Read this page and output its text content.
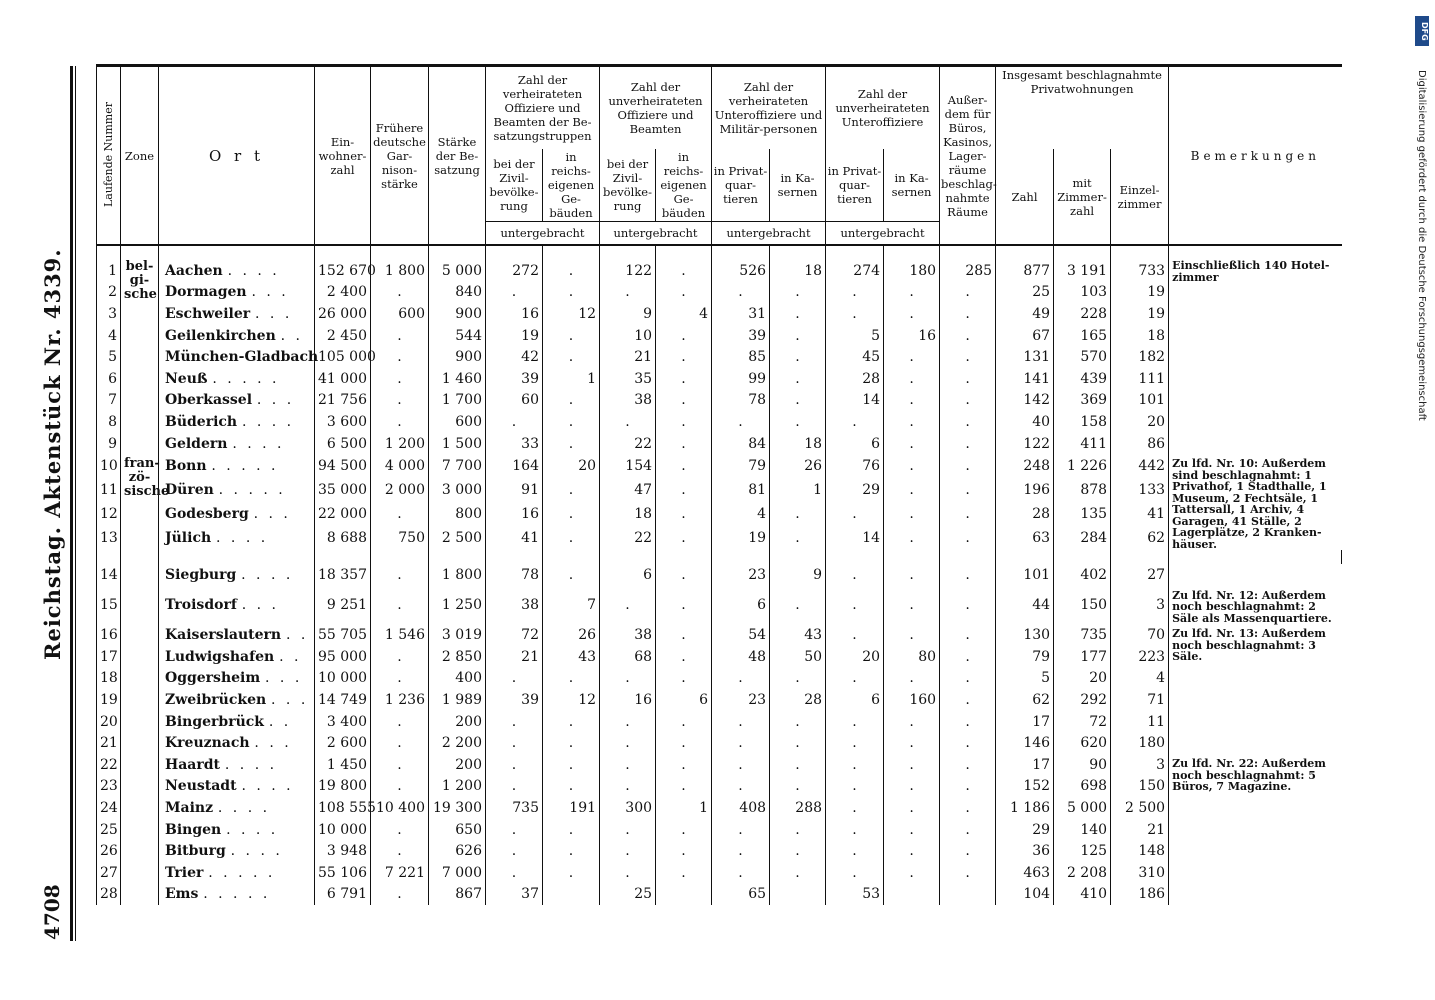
Reichstag. Aktenstück Nr. 4339.
4708
DFG
Digitalisierung gefördert durch die Deutsche Forschungsgemeinschaft
Laufende Nummer	Zone	O r t	Ein-wohner-zahl	Frühere deutsche Gar-nison-stärke	Stärke der Be-satzung	Zahl der verheirateten Offiziere und Beamten der Be-satzungstruppen		Zahl der unverheirateten Offiziere und Beamten		Zahl der verheirateten Unteroffiziere und Militär-personen		Zahl der unverheirateten Unteroffiziere		Außer-dem für Büros, Kasinos, Lager-räume beschlag-nahmte Räume	Insgesamt beschlagnahmte Privatwohnungen			Bemerkungen	
						bei der Zivil-bevölke-rung	in reichs-eigenen Ge-bäuden	bei der Zivil-bevölke-rung	in reichs-eigenen Ge-bäuden	in Privat-quar-tieren	in Ka-sernen	in Privat-quar-tieren	in Ka-sernen		Zahl	mit Zimmer-zahl	Einzel-zimmer		
						untergebracht		untergebracht		untergebracht		untergebracht							
1	bel- gi- sche	Aachen . . . .	152 670	1 800	5 000	272	.	122	.	526	18	274	180	285	877	3 191	733	Einschließlich 140 Hotel-zimmer	
2		Dormagen . . .	2 400	.	840	.	.	.	.	.	.	.	.	.	25	103	19		
3		Eschweiler . . .	26 000	600	900	16	12	9	4	31	.	.	.	.	49	228	19		
4		Geilenkirchen . .	2 450	.	544	19	.	10	.	39	.	5	16	.	67	165	18		
5		München-Gladbach	105 000	.	900	42	.	21	.	85	.	45	.	.	131	570	182		
6		Neuß . . . . .	41 000	.	1 460	39	1	35	.	99	.	28	.	.	141	439	111		
7		Oberkassel . . .	21 756	.	1 700	60	.	38	.	78	.	14	.	.	142	369	101		
8		Büderich . . . .	3 600	.	600	.	.	.	.	.	.	.	.	.	40	158	20		
9		Geldern . . . .	6 500	1 200	1 500	33	.	22	.	84	18	6	.	.	122	411	86		
10	fran- zö- sische	Bonn . . . . .	94 500	4 000	7 700	164	20	154	.	79	26	76	.	.	248	1 226	442	Zu lfd. Nr. 10: Außerdem sind beschlagnahmt: 1 Privathof, 1 Stadthalle, 1 Museum, 2 Fechtsäle, 1 Tattersall, 1 Archiv, 4 Garagen, 41 Ställe, 2 Lagerplätze, 2 Kranken-häuser.	
11		Düren . . . . .	35 000	2 000	3 000	91	.	47	.	81	1	29	.	.	196	878	133		
12		Godesberg . . .	22 000	.	800	16	.	18	.	4	.	.	.	.	28	135	41		
13		Jülich . . . .	8 688	750	2 500	41	.	22	.	19	.	14	.	.	63	284	62		

14		Siegburg . . . .	18 357	.	1 800	78	.	6	.	23	9	.	.	.	101	402	27		
15		Troisdorf . . .	9 251	.	1 250	38	7	.	.	6	.	.	.	.	44	150	3	Zu lfd. Nr. 12: Außerdem noch beschlagnahmt: 2 Säle als Massenquartiere.	
16		Kaiserslautern . .	55 705	1 546	3 019	72	26	38	.	54	43	.	.	.	130	735	70	Zu lfd. Nr. 13: Außerdem noch beschlagnahmt: 3 Säle.	
17		Ludwigshafen . .	95 000	.	2 850	21	43	68	.	48	50	20	80	.	79	177	223		
18		Oggersheim . . .	10 000	.	400	.	.	.	.	.	.	.	.	.	5	20	4		
19		Zweibrücken . . .	14 749	1 236	1 989	39	12	16	6	23	28	6	160	.	62	292	71		
20		Bingerbrück . .	3 400	.	200	.	.	.	.	.	.	.	.	.	17	72	11		
21		Kreuznach . . .	2 600	.	2 200	.	.	.	.	.	.	.	.	.	146	620	180		
22		Haardt . . . .	1 450	.	200	.	.	.	.	.	.	.	.	.	17	90	3	Zu lfd. Nr. 22: Außerdem noch beschlagnahmt: 5 Büros, 7 Magazine.	
23		Neustadt . . . .	19 800	.	1 200	.	.	.	.	.	.	.	.	.	152	698	150		
24		Mainz . . . .	108 555	10 400	19 300	735	191	300	1	408	288	.	.	.	1 186	5 000	2 500		
25		Bingen . . . .	10 000	.	650	.	.	.	.	.	.	.	.	.	29	140	21		
26		Bitburg . . . .	3 948	.	626	.	.	.	.	.	.	.	.	.	36	125	148		
27		Trier . . . . .	55 106	7 221	7 000	.	.	.	.	.	.	.	.	.	463	2 208	310		
28		Ems . . . . .	6 791	.	867	37		25		65		53			104	410	186		
